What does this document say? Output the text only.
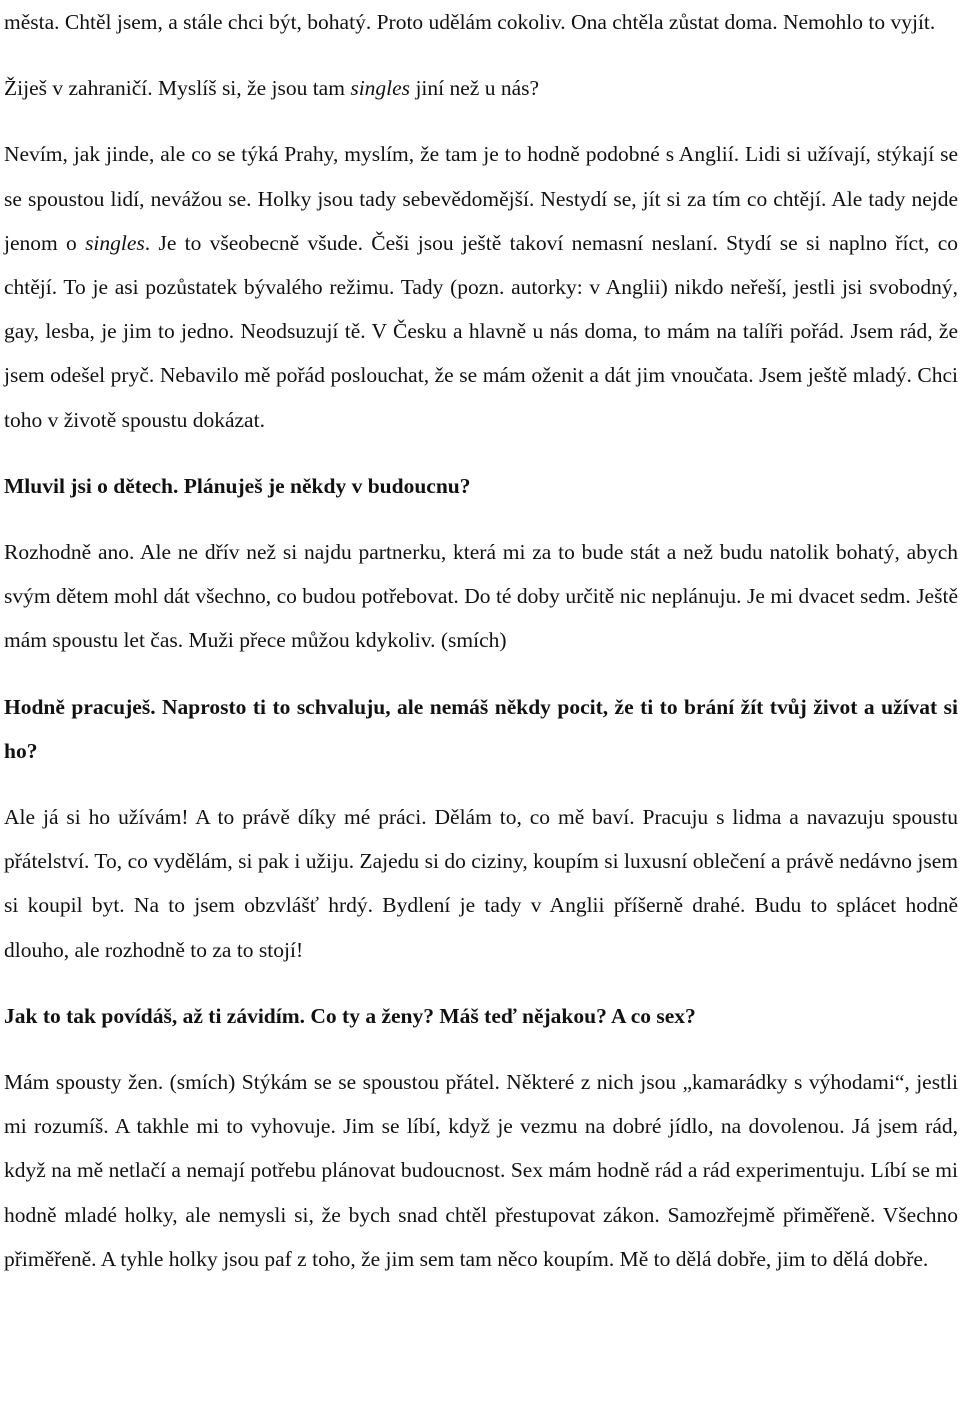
města. Chtěl jsem, a stále chci být, bohatý. Proto udělám cokoliv. Ona chtěla zůstat doma. Nemohlo to vyjít.

Žiješ v zahraničí. Myslíš si, že jsou tam singles jiní než u nás?

Nevím, jak jinde, ale co se týká Prahy, myslím, že tam je to hodně podobné s Anglií. Lidi si užívají, stýkají se se spoustou lidí, nevážou se. Holky jsou tady sebevědomější. Nestydí se, jít si za tím co chtějí. Ale tady nejde jenom o singles. Je to všeobecně všude. Češi jsou ještě takoví nemasní neslaní. Stydí se si naplno říct, co chtějí. To je asi pozůstatek bývalého režimu. Tady (pozn. autorky: v Anglii) nikdo neřeší, jestli jsi svobodný, gay, lesba, je jim to jedno. Neodsuzují tě. V Česku a hlavně u nás doma, to mám na talíři pořád. Jsem rád, že jsem odešel pryč. Nebavilo mě pořád poslouchat, že se mám oženit a dát jim vnoučata. Jsem ještě mladý. Chci toho v životě spoustu dokázat.

Mluvil jsi o dětech. Plánuješ je někdy v budoucnu?

Rozhodně ano. Ale ne dřív než si najdu partnerku, která mi za to bude stát a než budu natolik bohatý, abych svým dětem mohl dát všechno, co budou potřebovat. Do té doby určitě nic neplánuju. Je mi dvacet sedm. Ještě mám spoustu let čas. Muži přece můžou kdykoliv. (smích)

Hodně pracuješ. Naprosto ti to schvaluju, ale nemáš někdy pocit, že ti to brání žít tvůj život a užívat si ho?

Ale já si ho užívám! A to právě díky mé práci. Dělám to, co mě baví. Pracuju s lidma a navazuju spoustu přátelství. To, co vydělám, si pak i užiju. Zajedu si do ciziny, koupím si luxusní oblečení a právě nedávno jsem si koupil byt. Na to jsem obzvlášť hrdý. Bydlení je tady v Anglii příšerně drahé. Budu to splácet hodně dlouho, ale rozhodně to za to stojí!

Jak to tak povídáš, až ti závidím. Co ty a ženy? Máš teď nějakou? A co sex?

Mám spousty žen. (smích) Stýkám se se spoustou přátel. Některé z nich jsou „kamarádky s výhodami“, jestli mi rozumíš. A takhle mi to vyhovuje. Jim se líbí, když je vezmu na dobré jídlo, na dovolenou. Já jsem rád, když na mě netlačí a nemají potřebu plánovat budoucnost. Sex mám hodně rád a rád experimentuju. Líbí se mi hodně mladé holky, ale nemysli si, že bych snad chtěl přestupovat zákon. Samozřejmě přiměřeně. Všechno přiměřeně. A tyhle holky jsou paf z toho, že jim sem tam něco koupím. Mě to dělá dobře, jim to dělá dobře.
